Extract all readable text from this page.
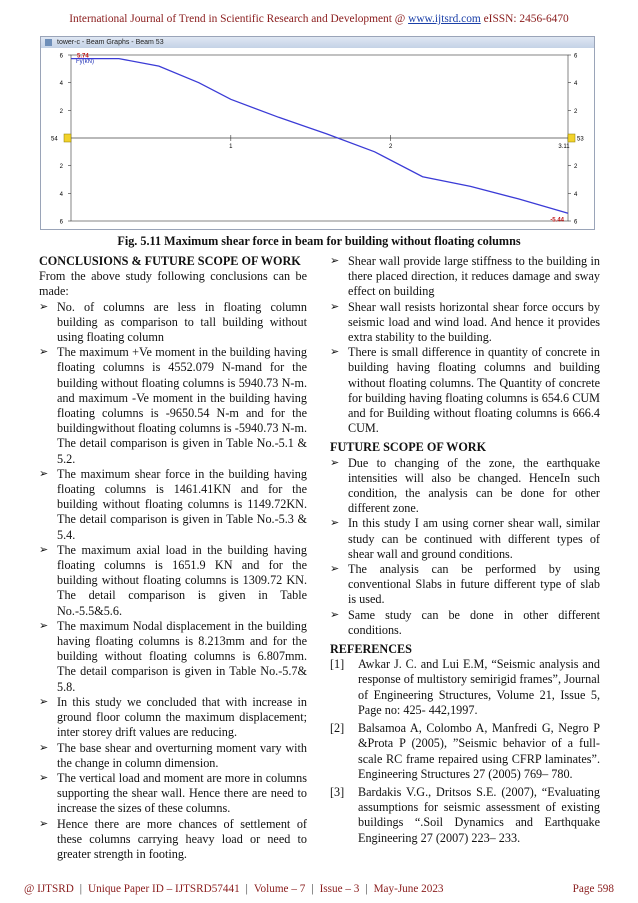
International Journal of Trend in Scientific Research and Development @ www.ijtsrd.com eISSN: 2456-6470
tower-c - Beam Graphs - Beam 53
6	6
4	4
2	2
2	2
4	4
6	6
1	2	3.11
54	53
Fy(kN)
5.74
-5.44
Fig. 5.11 Maximum shear force in beam for building without floating columns

CONCLUSIONS & FUTURE SCOPE OF WORK

From the above study following conclusions can be made:

➢ No. of columns are less in floating column building as comparison to tall building without using floating column

➢ The maximum +Ve moment in the building having floating columns is 4552.079 N-mand for the building without floating columns is 5940.73 N-m. and maximum -Ve moment in the building having floating columns is -9650.54 N-m and for the buildingwithout floating columns is -5940.73 N-m. The detail comparison is given in Table No.-5.1 & 5.2.

➢ The maximum shear force in the building having floating columns is 1461.41KN and for the building without floating columns is 1149.72KN. The detail comparison is given in Table No.-5.3 & 5.4.

➢ The maximum axial load in the building having floating columns is 1651.9 KN and for the building without floating columns is 1309.72 KN. The detail comparison is given in Table No.-5.5&5.6.

➢ The maximum Nodal displacement in the building having floating columns is 8.213mm and for the building without floating columns is 6.807mm. The detail comparison is given in Table No.-5.7& 5.8.

➢ In this study we concluded that with increase in ground floor column the maximum displacement; inter storey drift values are reducing.

➢ The base shear and overturning moment vary with the change in column dimension.

➢ The vertical load and moment are more in columns supporting the shear wall. Hence there are need to increase the sizes of these columns.

➢ Hence there are more chances of settlement of these columns carrying heavy load or need to greater strength in footing.

➢ Shear wall provide large stiffness to the building in there placed direction, it reduces damage and sway effect on building

➢ Shear wall resists horizontal shear force occurs by seismic load and wind load. And hence it provides extra stability to the building.

➢ There is small difference in quantity of concrete in building having floating columns and building without floating columns. The Quantity of concrete for building having floating columns is 654.6 CUM and for Building without floating columns is 666.4 CUM.

FUTURE SCOPE OF WORK

➢ Due to changing of the zone, the earthquake intensities will also be changed. HenceIn such condition, the analysis can be done for other different zone.

➢ In this study I am using corner shear wall, similar study can be continued with different types of shear wall and ground conditions.

➢ The analysis can be performed by using conventional Slabs in future different type of slab is used.

➢ Same study can be done in other different conditions.

REFERENCES

[1] Awkar J. C. and Lui E.M, “Seismic analysis and response of multistory semirigid frames”, Journal of Engineering Structures, Volume 21, Issue 5, Page no: 425- 442,1997.

[2] Balsamoa A, Colombo A, Manfredi G, Negro P &Prota P (2005), ”Seismic behavior of a full-scale RC frame repaired using CFRP laminates”. Engineering Structures 27 (2005) 769– 780.

[3] Bardakis V.G., Dritsos S.E. (2007), “Evaluating assumptions for seismic assessment of existing buildings “.Soil Dynamics and Earthquake Engineering 27 (2007) 223– 233.

@ IJTSRD | Unique Paper ID – IJTSRD57441 | Volume – 7 | Issue – 3 | May-June 2023	Page 598
